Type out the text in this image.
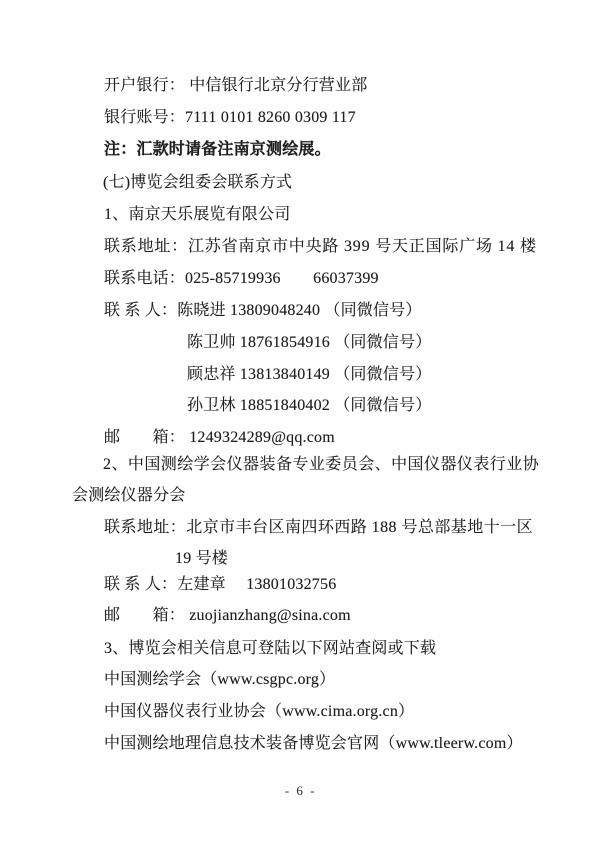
开户银行： 中信银行北京分行营业部
银行账号：7111 0101 8260 0309 117
注：汇款时请备注南京测绘展。
(七)博览会组委会联系方式
1、南京天乐展览有限公司
联系地址：江苏省南京市中央路 399 号天正国际广场 14 楼
联系电话：025-85719936　　66037399
联 系 人：陈晓进 13809048240 （同微信号）
陈卫帅 18761854916 （同微信号）
顾忠祥 13813840149 （同微信号）
孙卫林 18851840402 （同微信号）
邮　　箱： 1249324289@qq.com
2、中国测绘学会仪器装备专业委员会、中国仪器仪表行业协
会测绘仪器分会
联系地址：北京市丰台区南四环西路 188 号总部基地十一区
19 号楼
联 系 人：左建章　 13801032756
邮　　箱： zuojianzhang@sina.com
3、博览会相关信息可登陆以下网站查阅或下载
中国测绘学会（www.csgpc.org）
中国仪器仪表行业协会（www.cima.org.cn）
中国测绘地理信息技术装备博览会官网（www.tleerw.com）
- 6 -
